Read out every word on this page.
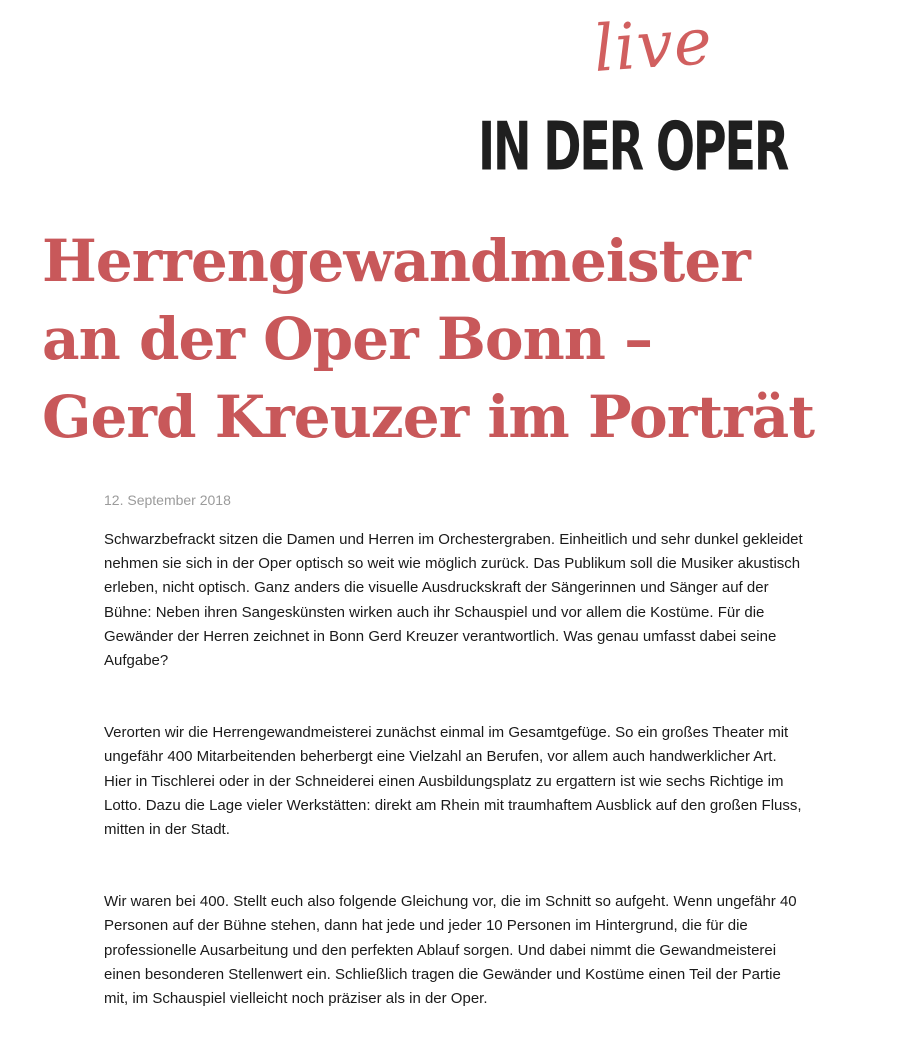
live
IN DER OPER
Herrengewandmeister
an der Oper Bonn –
Gerd Kreuzer im Porträt
12. September 2018

Schwarzbefrackt sitzen die Damen und Herren im Orchestergraben. Einheitlich und sehr dunkel gekleidet nehmen sie sich in der Oper optisch so weit wie möglich zurück. Das Publikum soll die Musiker akustisch erleben, nicht optisch. Ganz anders die visuelle Ausdruckskraft der Sängerinnen und Sänger auf der Bühne: Neben ihren Sangeskünsten wirken auch ihr Schauspiel und vor allem die Kostüme. Für die Gewänder der Herren zeichnet in Bonn Gerd Kreuzer verantwortlich. Was genau umfasst dabei seine Aufgabe?

Verorten wir die Herrengewandmeisterei zunächst einmal im Gesamtgefüge. So ein großes Theater mit ungefähr 400 Mitarbeitenden beherbergt eine Vielzahl an Berufen, vor allem auch handwerklicher Art. Hier in Tischlerei oder in der Schneiderei einen Ausbildungsplatz zu ergattern ist wie sechs Richtige im Lotto. Dazu die Lage vieler Werkstätten: direkt am Rhein mit traumhaftem Ausblick auf den großen Fluss, mitten in der Stadt.

Wir waren bei 400. Stellt euch also folgende Gleichung vor, die im Schnitt so aufgeht. Wenn ungefähr 40 Personen auf der Bühne stehen, dann hat jede und jeder 10 Personen im Hintergrund, die für die professionelle Ausarbeitung und den perfekten Ablauf sorgen. Und dabei nimmt die Gewandmeisterei einen besonderen Stellenwert ein. Schließlich tragen die Gewänder und Kostüme einen Teil der Partie mit, im Schauspiel vielleicht noch präziser als in der Oper.
